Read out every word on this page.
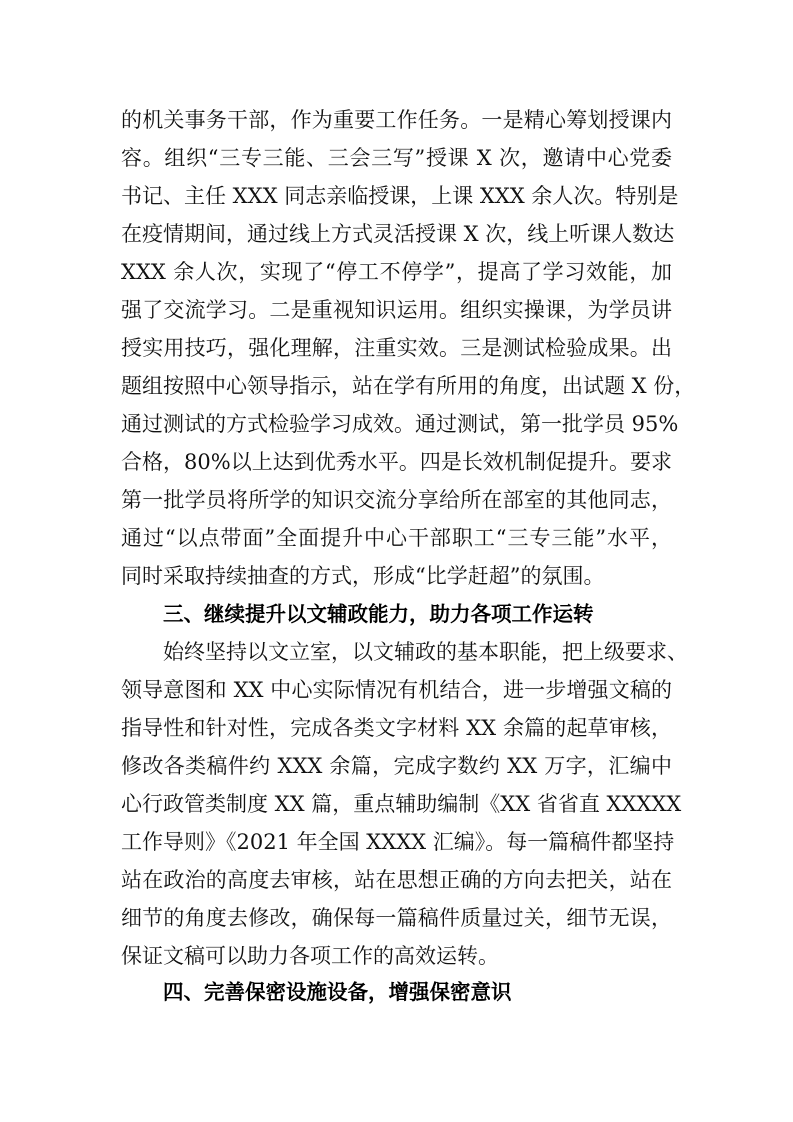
的机关事务干部，作为重要工作任务。一是精心筹划授课内

容。组织“三专三能、三会三写”授课 X 次，邀请中心党委

书记、主任 XXX 同志亲临授课，上课 XXX 余人次。特别是

在疫情期间，通过线上方式灵活授课 X 次，线上听课人数达

XXX 余人次，实现了“停工不停学”，提高了学习效能，加

强了交流学习。二是重视知识运用。组织实操课，为学员讲

授实用技巧，强化理解，注重实效。三是测试检验成果。出

题组按照中心领导指示，站在学有所用的角度，出试题 X 份，

通过测试的方式检验学习成效。通过测试，第一批学员 95%

合格，80%以上达到优秀水平。四是长效机制促提升。要求

第一批学员将所学的知识交流分享给所在部室的其他同志，

通过“以点带面”全面提升中心干部职工“三专三能”水平，

同时采取持续抽查的方式，形成“比学赶超”的氛围。

三、继续提升以文辅政能力，助力各项工作运转

始终坚持以文立室，以文辅政的基本职能，把上级要求、

领导意图和 XX 中心实际情况有机结合，进一步增强文稿的

指导性和针对性，完成各类文字材料 XX 余篇的起草审核，

修改各类稿件约 XXX 余篇，完成字数约 XX 万字，汇编中

心行政管类制度 XX 篇，重点辅助编制《XX 省省直 XXXXX

工作导则》《2021 年全国 XXXX 汇编》。每一篇稿件都坚持

站在政治的高度去审核，站在思想正确的方向去把关，站在

细节的角度去修改，确保每一篇稿件质量过关，细节无误，

保证文稿可以助力各项工作的高效运转。

四、完善保密设施设备，增强保密意识
